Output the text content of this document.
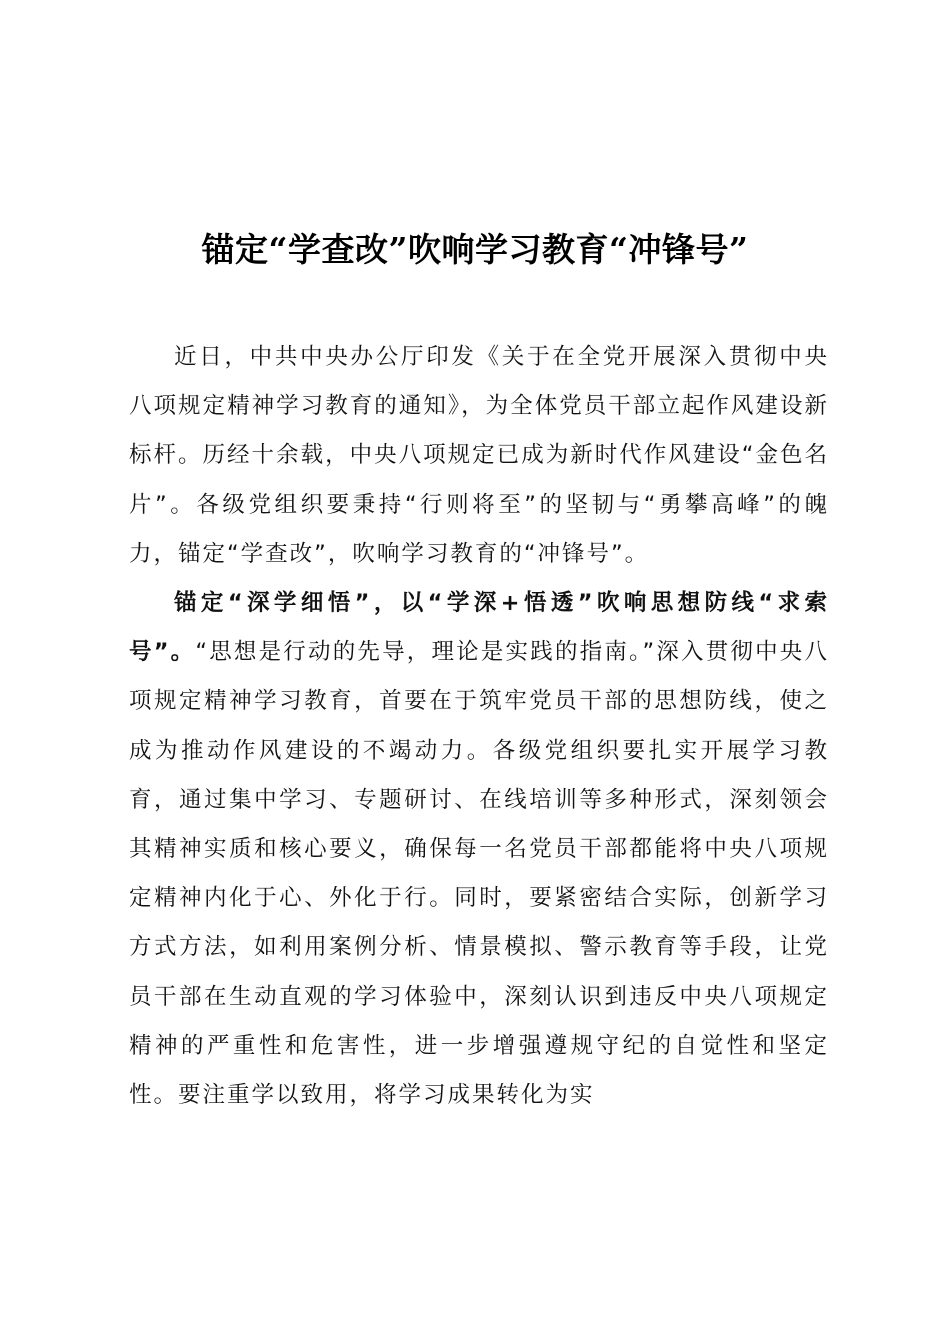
锚定“学查改”吹响学习教育“冲锋号”

近日，中共中央办公厅印发《关于在全党开展深入贯彻中央八项规定精神学习教育的通知》，为全体党员干部立起作风建设新标杆。历经十余载，中央八项规定已成为新时代作风建设“金色名片”。各级党组织要秉持“行则将至”的坚韧与“勇攀高峰”的魄力，锚定“学查改”，吹响学习教育的“冲锋号”。

锚定“深学细悟”，以“学深+悟透”吹响思想防线“求索号”。“思想是行动的先导，理论是实践的指南。”深入贯彻中央八项规定精神学习教育，首要在于筑牢党员干部的思想防线，使之成为推动作风建设的不竭动力。各级党组织要扎实开展学习教育，通过集中学习、专题研讨、在线培训等多种形式，深刻领会其精神实质和核心要义，确保每一名党员干部都能将中央八项规定精神内化于心、外化于行。同时，要紧密结合实际，创新学习方式方法，如利用案例分析、情景模拟、警示教育等手段，让党员干部在生动直观的学习体验中，深刻认识到违反中央八项规定精神的严重性和危害性，进一步增强遵规守纪的自觉性和坚定性。要注重学以致用，将学习成果转化为实
